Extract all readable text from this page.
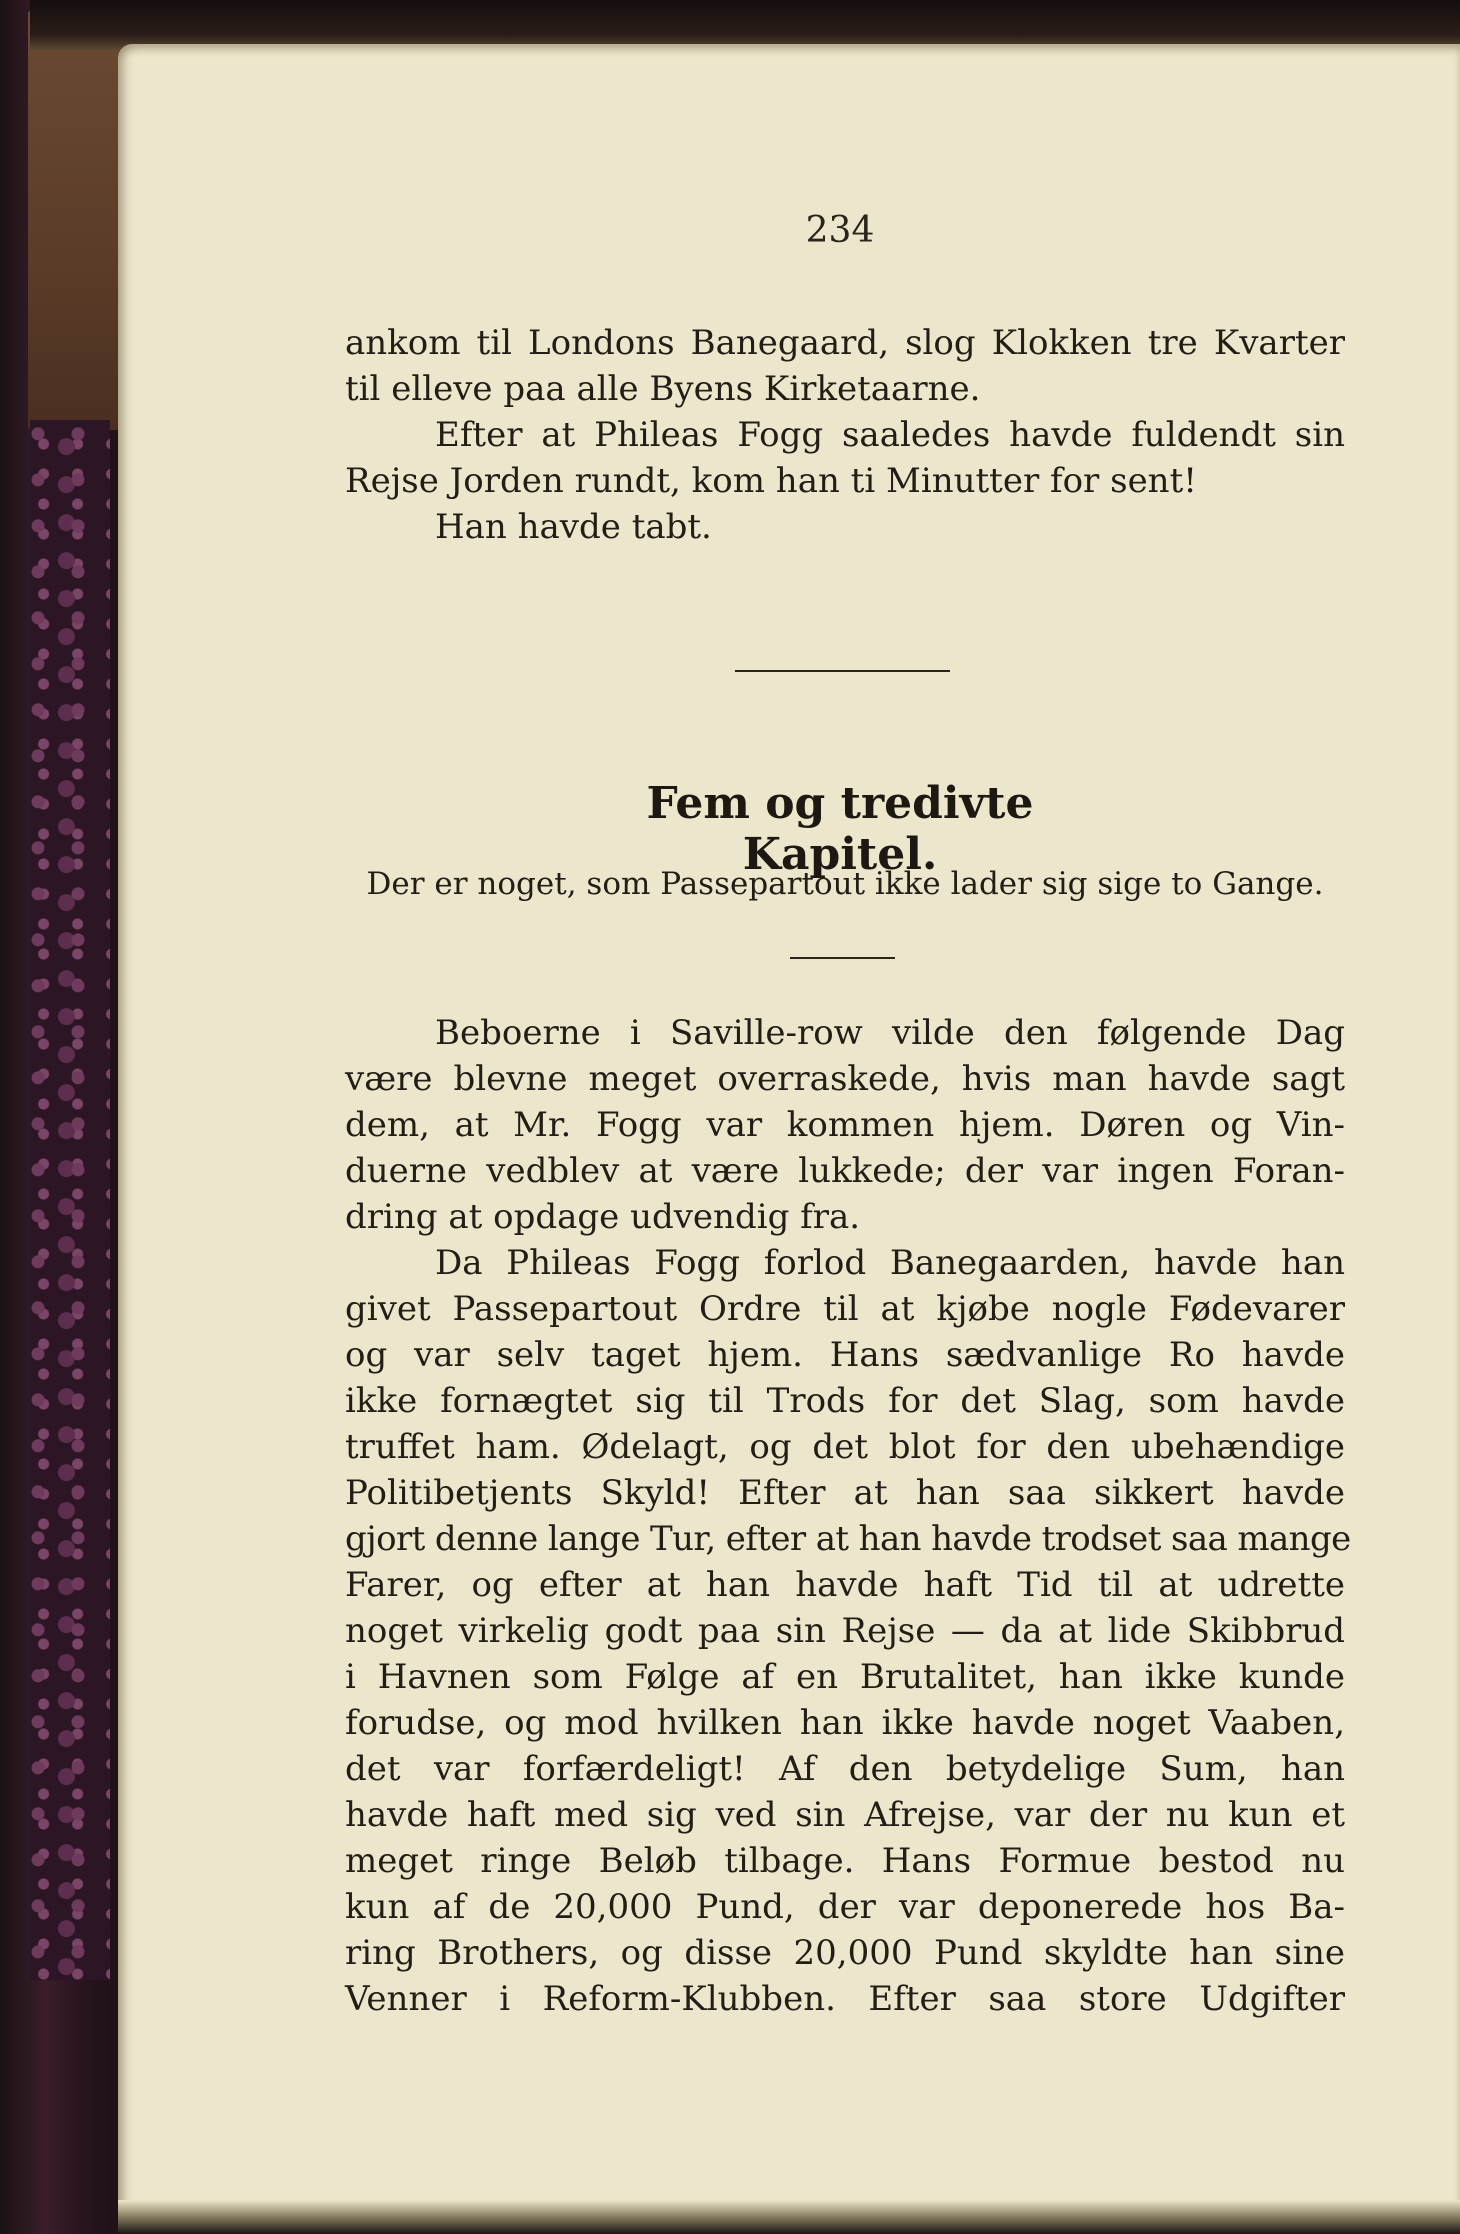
234
ankom til Londons Banegaard, slog Klokken tre Kvarter
til elleve paa alle Byens Kirketaarne.
Efter at Phileas Fogg saaledes havde fuldendt sin
Rejse Jorden rundt, kom han ti Minutter for sent!
Han havde tabt.
Fem og tredivte Kapitel.
Der er noget, som Passepartout ikke lader sig sige to Gange.
Beboerne i Saville-row vilde den følgende Dag
være blevne meget overraskede, hvis man havde sagt
dem, at Mr. Fogg var kommen hjem. Døren og Vin-
duerne vedblev at være lukkede; der var ingen Foran-
dring at opdage udvendig fra.
Da Phileas Fogg forlod Banegaarden, havde han
givet Passepartout Ordre til at kjøbe nogle Fødevarer
og var selv taget hjem. Hans sædvanlige Ro havde
ikke fornægtet sig til Trods for det Slag, som havde
truffet ham. Ødelagt, og det blot for den ubehændige
Politibetjents Skyld! Efter at han saa sikkert havde
gjort denne lange Tur, efter at han havde trodset saa mange
Farer, og efter at han havde haft Tid til at udrette
noget virkelig godt paa sin Rejse — da at lide Skibbrud
i Havnen som Følge af en Brutalitet, han ikke kunde
forudse, og mod hvilken han ikke havde noget Vaaben,
det var forfærdeligt! Af den betydelige Sum, han
havde haft med sig ved sin Afrejse, var der nu kun et
meget ringe Beløb tilbage. Hans Formue bestod nu
kun af de 20,000 Pund, der var deponerede hos Ba-
ring Brothers, og disse 20,000 Pund skyldte han sine
Venner i Reform-Klubben. Efter saa store Udgifter
